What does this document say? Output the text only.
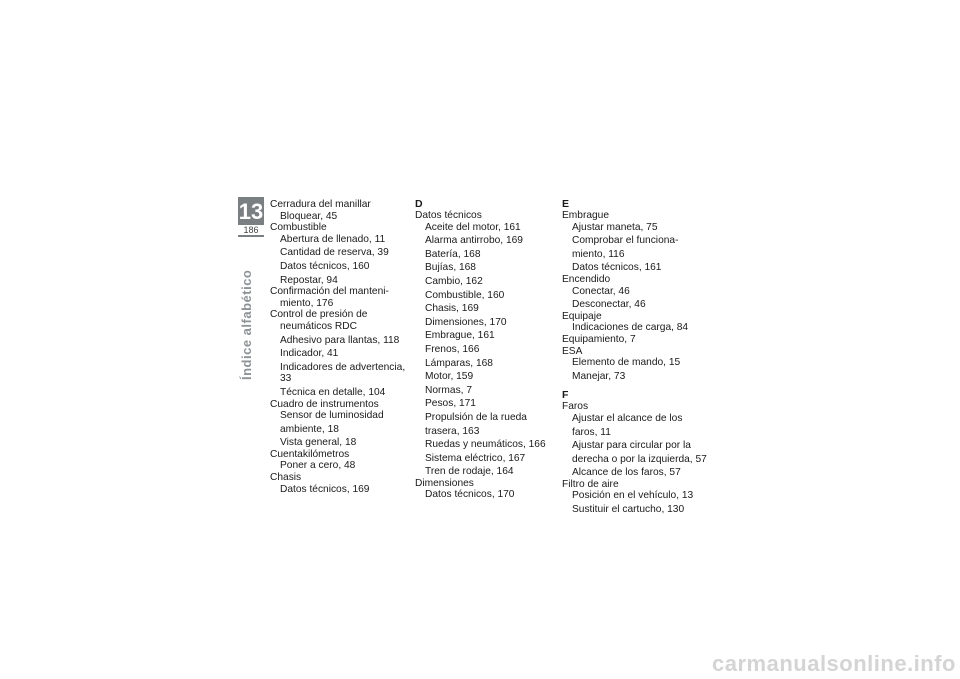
13
186
Índice alfabético
Cerradura del manillar
Bloquear, 45
Combustible
Abertura de llenado, 11
Cantidad de reserva, 39
Datos técnicos, 160
Repostar, 94
Confirmación del manteni-
miento, 176
Control de presión de
neumáticos RDC
Adhesivo para llantas, 118
Indicador, 41
Indicadores de advertencia, 33
Técnica en detalle, 104
Cuadro de instrumentos
Sensor de luminosidad
ambiente, 18
Vista general, 18
Cuentakilómetros
Poner a cero, 48
Chasis
Datos técnicos, 169
D
Datos técnicos
Aceite del motor, 161
Alarma antirrobo, 169
Batería, 168
Bujías, 168
Cambio, 162
Combustible, 160
Chasis, 169
Dimensiones, 170
Embrague, 161
Frenos, 166
Lámparas, 168
Motor, 159
Normas, 7
Pesos, 171
Propulsión de la rueda
trasera, 163
Ruedas y neumáticos, 166
Sistema eléctrico, 167
Tren de rodaje, 164
Dimensiones
Datos técnicos, 170
E
Embrague
Ajustar maneta, 75
Comprobar el funciona-
miento, 116
Datos técnicos, 161
Encendido
Conectar, 46
Desconectar, 46
Equipaje
Indicaciones de carga, 84
Equipamiento, 7
ESA
Elemento de mando, 15
Manejar, 73
F
Faros
Ajustar el alcance de los
faros, 11
Ajustar para circular por la
derecha o por la izquierda, 57
Alcance de los faros, 57
Filtro de aire
Posición en el vehículo, 13
Sustituir el cartucho, 130
carmanualsonline.info
